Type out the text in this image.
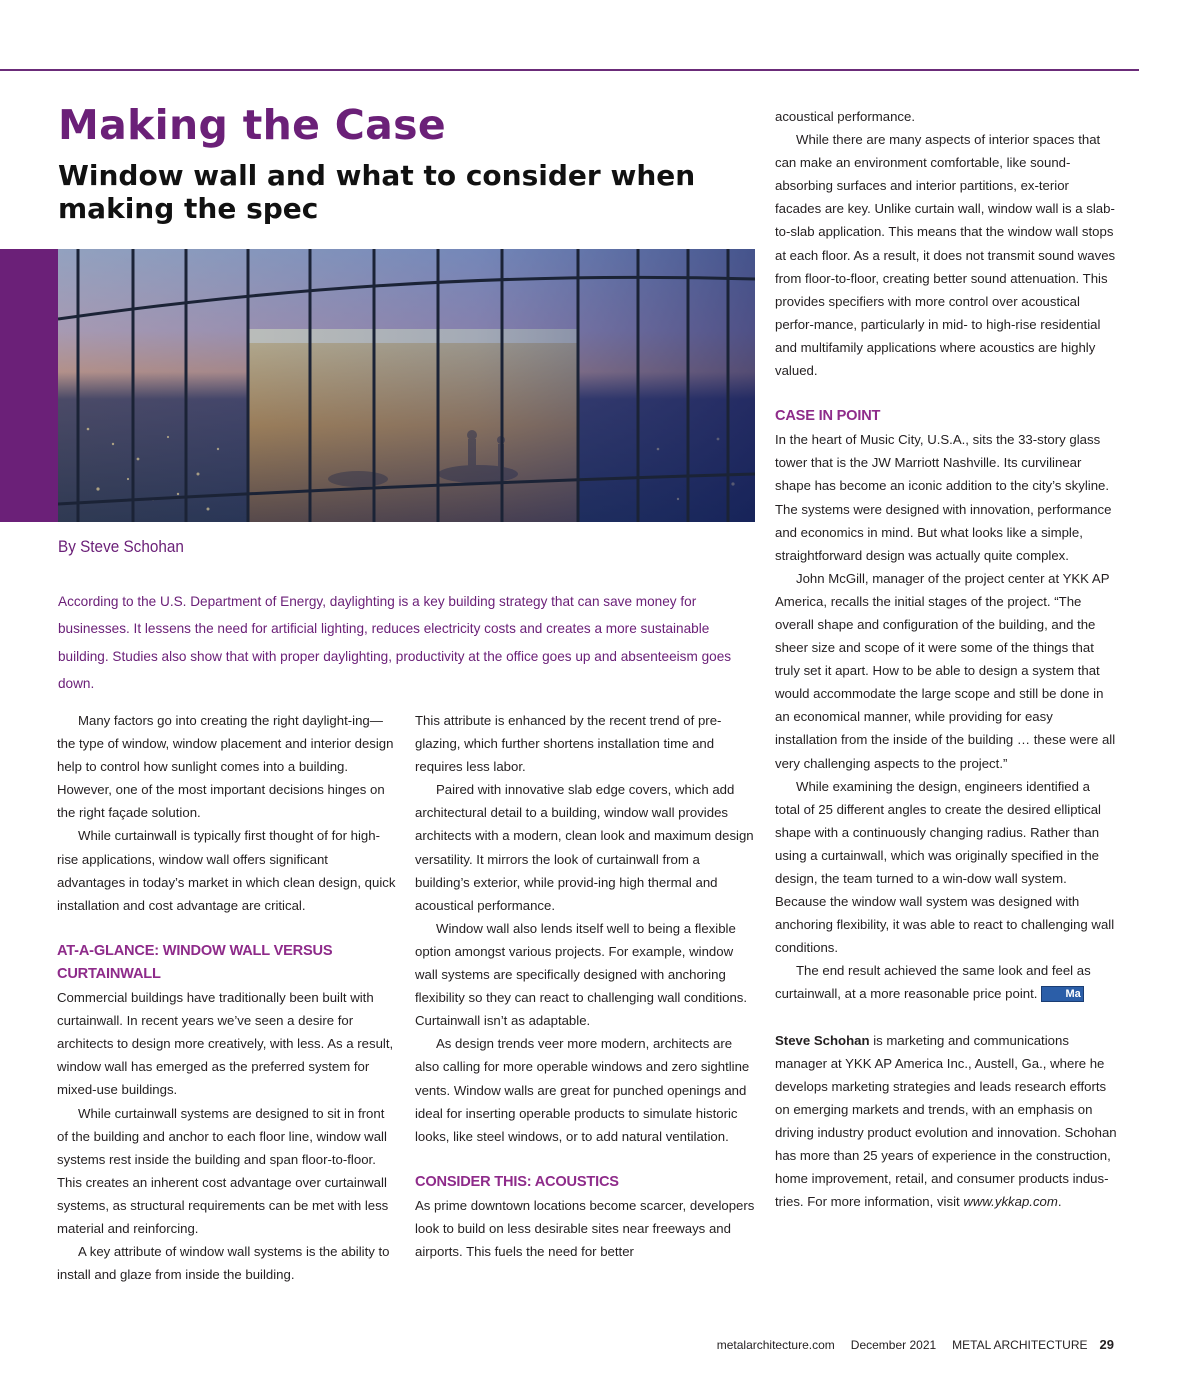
Making the Case
Window wall and what to consider when making the spec
By Steve Schohan

According to the U.S. Department of Energy, daylighting is a key building strategy that can save money for businesses. It lessens the need for artificial lighting, reduces electricity costs and creates a more sustainable building. Studies also show that with proper daylighting, productivity at the office goes up and absenteeism goes down.

Many factors go into creating the right daylight-ing—the type of window, window placement and interior design help to control how sunlight comes into a building. However, one of the most important decisions hinges on the right façade solution.

While curtainwall is typically first thought of for high-rise applications, window wall offers significant advantages in today’s market in which clean design, quick installation and cost advantage are critical.

AT-A-GLANCE: WINDOW WALL VERSUS CURTAINWALL

Commercial buildings have traditionally been built with curtainwall. In recent years we’ve seen a desire for architects to design more creatively, with less. As a result, window wall has emerged as the preferred system for mixed-use buildings.

While curtainwall systems are designed to sit in front of the building and anchor to each floor line, window wall systems rest inside the building and span floor-to-floor. This creates an inherent cost advantage over curtainwall systems, as structural requirements can be met with less material and reinforcing.

A key attribute of window wall systems is the ability to install and glaze from inside the building.

This attribute is enhanced by the recent trend of pre-glazing, which further shortens installation time and requires less labor.

Paired with innovative slab edge covers, which add architectural detail to a building, window wall provides architects with a modern, clean look and maximum design versatility. It mirrors the look of curtainwall from a building’s exterior, while provid-ing high thermal and acoustical performance.

Window wall also lends itself well to being a flexible option amongst various projects. For example, window wall systems are specifically designed with anchoring flexibility so they can react to challenging wall conditions. Curtainwall isn’t as adaptable.

As design trends veer more modern, architects are also calling for more operable windows and zero sightline vents. Window walls are great for punched openings and ideal for inserting operable products to simulate historic looks, like steel windows, or to add natural ventilation.

CONSIDER THIS: ACOUSTICS

As prime downtown locations become scarcer, developers look to build on less desirable sites near freeways and airports. This fuels the need for better

acoustical performance.

While there are many aspects of interior spaces that can make an environment comfortable, like sound-absorbing surfaces and interior partitions, ex-terior facades are key. Unlike curtain wall, window wall is a slab-to-slab application. This means that the window wall stops at each floor. As a result, it does not transmit sound waves from floor-to-floor, creating better sound attenuation. This provides specifiers with more control over acoustical perfor-mance, particularly in mid- to high-rise residential and multifamily applications where acoustics are highly valued.

CASE IN POINT

In the heart of Music City, U.S.A., sits the 33-story glass tower that is the JW Marriott Nashville. Its curvilinear shape has become an iconic addition to the city’s skyline. The systems were designed with innovation, performance and economics in mind. But what looks like a simple, straightforward design was actually quite complex.

John McGill, manager of the project center at YKK AP America, recalls the initial stages of the project. “The overall shape and configuration of the building, and the sheer size and scope of it were some of the things that truly set it apart. How to be able to design a system that would accommodate the large scope and still be done in an economical manner, while providing for easy installation from the inside of the building … these were all very challenging aspects to the project.”

While examining the design, engineers identified a total of 25 different angles to create the desired elliptical shape with a continuously changing radius. Rather than using a curtainwall, which was originally specified in the design, the team turned to a win-dow wall system. Because the window wall system was designed with anchoring flexibility, it was able to react to challenging wall conditions.

The end result achieved the same look and feel as curtainwall, at a more reasonable price point.	Ma

Steve Schohan is marketing and communications manager at YKK AP America Inc., Austell, Ga., where he develops marketing strategies and leads research efforts on emerging markets and trends, with an emphasis on driving industry product evolution and innovation. Schohan has more than 25 years of experience in the construction, home improvement, retail, and consumer products indus-tries. For more information, visit www.ykkap.com.

metalarchitecture.com December 2021 METAL ARCHITECTURE 29
